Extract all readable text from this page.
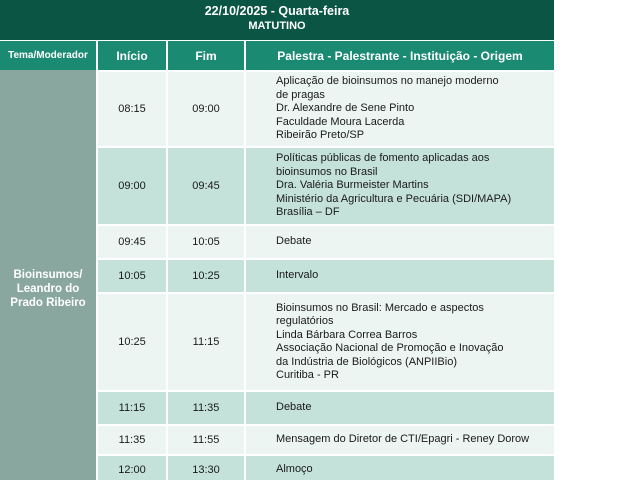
22/10/2025 - Quarta-feira
MATUTINO
Tema/Moderador	Início	Fim	Palestra - Palestrante - Instituição - Origem
Bioinsumos/
Leandro do
Prado Ribeiro
08:15	09:00
Aplicação de bioinsumos no manejo moderno
de pragas
Dr. Alexandre de Sene Pinto
Faculdade Moura Lacerda
Ribeirão Preto/SP
09:00	09:45
Políticas públicas de fomento aplicadas aos
bioinsumos no Brasil
Dra. Valéria Burmeister Martins
Ministério da Agricultura e Pecuária (SDI/MAPA)
Brasília – DF
09:45	10:05	Debate
10:05	10:25	Intervalo
10:25	11:15
Bioinsumos no Brasil: Mercado e aspectos
regulatórios
Linda Bárbara Correa Barros
Associação Nacional de Promoção e Inovação
da Indústria de Biológicos (ANPIIBio)
Curitiba - PR
11:15	11:35	Debate
11:35	11:55	Mensagem do Diretor de CTI/Epagri - Reney Dorow
12:00	13:30	Almoço
